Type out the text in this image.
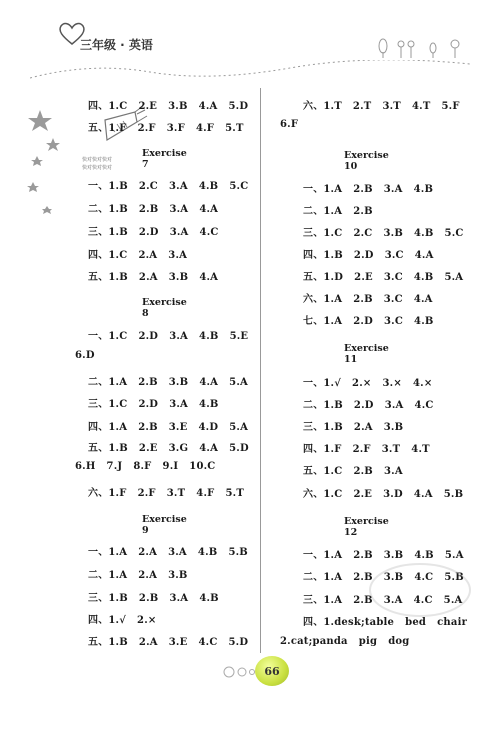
三年级 · 英语
快对快对快对
快对快对快对
四、1.C   2.E   3.B   4.A   5.D
五、1.F   2.F   3.F   4.F   5.T
Exercise 7
一、1.B   2.C   3.A   4.B   5.C
二、1.B   2.B   3.A   4.A
三、1.B   2.D   3.A   4.C
四、1.C   2.A   3.A
五、1.B   2.A   3.B   4.A
Exercise 8
一、1.C   2.D   3.A   4.B   5.E
6.D
二、1.A   2.B   3.B   4.A   5.A
三、1.C   2.D   3.A   4.B
四、1.A   2.B   3.E   4.D   5.A
五、1.B   2.E   3.G   4.A   5.D
6.H   7.J   8.F   9.I   10.C
六、1.F   2.F   3.T   4.F   5.T
Exercise 9
一、1.A   2.A   3.A   4.B   5.B
二、1.A   2.A   3.B
三、1.B   2.B   3.A   4.B
四、1.√   2.×
五、1.B   2.A   3.E   4.C   5.D
六、1.T   2.T   3.T   4.T   5.F
6.F
Exercise 10
一、1.A   2.B   3.A   4.B
二、1.A   2.B
三、1.C   2.C   3.B   4.B   5.C
四、1.B   2.D   3.C   4.A
五、1.D   2.E   3.C   4.B   5.A
六、1.A   2.B   3.C   4.A
七、1.A   2.D   3.C   4.B
Exercise 11
一、1.√   2.×   3.×   4.×
二、1.B   2.D   3.A   4.C
三、1.B   2.A   3.B
四、1.F   2.F   3.T   4.T
五、1.C   2.B   3.A
六、1.C   2.E   3.D   4.A   5.B
Exercise 12
一、1.A   2.B   3.B   4.B   5.A
二、1.A   2.B   3.B   4.C   5.B
三、1.A   2.B   3.A   4.C   5.A
四、1.desk;table   bed   chair
2.cat;panda   pig   dog
66
